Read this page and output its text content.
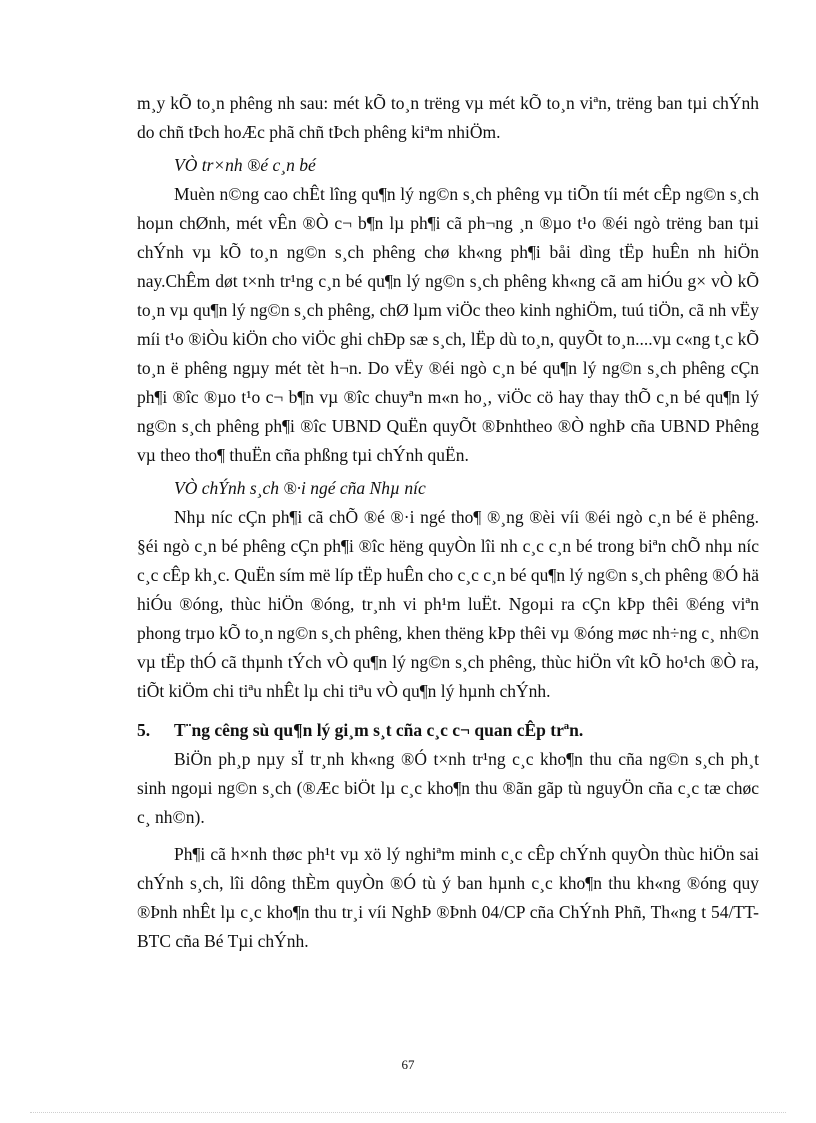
m¸y kÕ to¸n phêng nh sau: mét kÕ to¸n trëng vµ mét kÕ to¸n viªn, trëng ban tµi chÝnh do chñ tÞch hoÆc phã chñ tÞch phêng kiªm nhiÖm.

VÒ tr×nh ®é c¸n bé

Muèn n©ng cao chÊt lîng qu¶n lý ng©n s¸ch phêng vµ tiÕn tíi mét cÊp ng©n s¸ch hoµn chØnh, mét vÊn ®Ò c¬ b¶n lµ ph¶i cã ph¬ng ¸n ®µo t¹o ®éi ngò trëng ban tµi chÝnh vµ kÕ to¸n ng©n s¸ch phêng chø kh«ng ph¶i båi dìng tËp huÊn nh hiÖn nay.ChÊm døt t×nh tr¹ng c¸n bé qu¶n lý ng©n s¸ch phêng kh«ng cã am hiÓu g× vÒ kÕ to¸n vµ qu¶n lý ng©n s¸ch phêng, chØ lµm viÖc theo kinh nghiÖm, tuú tiÖn, cã nh vËy míi t¹o ®iÒu kiÖn cho viÖc ghi chÐp sæ s¸ch, lËp dù to¸n, quyÕt to¸n....vµ c«ng t¸c kÕ to¸n ë phêng ngµy mét tèt h¬n. Do vËy ®éi ngò c¸n bé qu¶n lý ng©n s¸ch phêng cÇn ph¶i ®îc ®µo t¹o c¬ b¶n vµ ®îc chuyªn m«n ho¸, viÖc cö hay thay thÕ c¸n bé qu¶n lý ng©n s¸ch phêng ph¶i ®îc UBND QuËn quyÕt ®Þnhtheo ®Ò nghÞ cña UBND Phêng vµ theo tho¶ thuËn cña phßng tµi chÝnh quËn.

VÒ chÝnh s¸ch ®·i ngé cña Nhµ níc

Nhµ níc cÇn ph¶i cã chÕ ®é ®·i ngé tho¶ ®¸ng ®èi víi ®éi ngò c¸n bé ë phêng. §éi ngò c¸n bé phêng cÇn ph¶i ®îc hëng quyÒn lîi nh c¸c c¸n bé trong biªn chÕ nhµ níc c¸c cÊp kh¸c. QuËn sím më líp tËp huÊn cho c¸c c¸n bé qu¶n lý ng©n s¸ch phêng ®Ó hä hiÓu ®óng, thùc hiÖn ®óng, tr¸nh vi ph¹m luËt. Ngoµi ra cÇn kÞp thêi ®éng viªn phong trµo kÕ to¸n ng©n s¸ch phêng, khen thëng kÞp thêi vµ ®óng møc nh÷ng c¸ nh©n vµ tËp thÓ cã thµnh tÝch vÒ qu¶n lý ng©n s¸ch phêng, thùc hiÖn vît kÕ ho¹ch ®Ò ra, tiÕt kiÖm chi tiªu nhÊt lµ chi tiªu vÒ qu¶n lý hµnh chÝnh.

5.	T¨ng cêng sù qu¶n lý gi¸m s¸t cña c¸c c¬ quan cÊp trªn.

BiÖn ph¸p nµy sÏ tr¸nh kh«ng ®Ó t×nh tr¹ng c¸c kho¶n thu cña ng©n s¸ch ph¸t sinh ngoµi ng©n s¸ch (®Æc biÖt lµ c¸c kho¶n thu ®ãn gãp tù nguyÖn cña c¸c tæ chøc c¸ nh©n).

Ph¶i cã h×nh thøc ph¹t vµ xö lý nghiªm minh c¸c cÊp chÝnh quyÒn thùc hiÖn sai chÝnh s¸ch, lîi dông thÈm quyÒn ®Ó tù ý ban hµnh c¸c kho¶n thu kh«ng ®óng quy ®Þnh nhÊt lµ c¸c kho¶n thu tr¸i víi NghÞ ®Þnh 04/CP cña ChÝnh Phñ, Th«ng t 54/TT-BTC cña Bé Tµi chÝnh.

67
